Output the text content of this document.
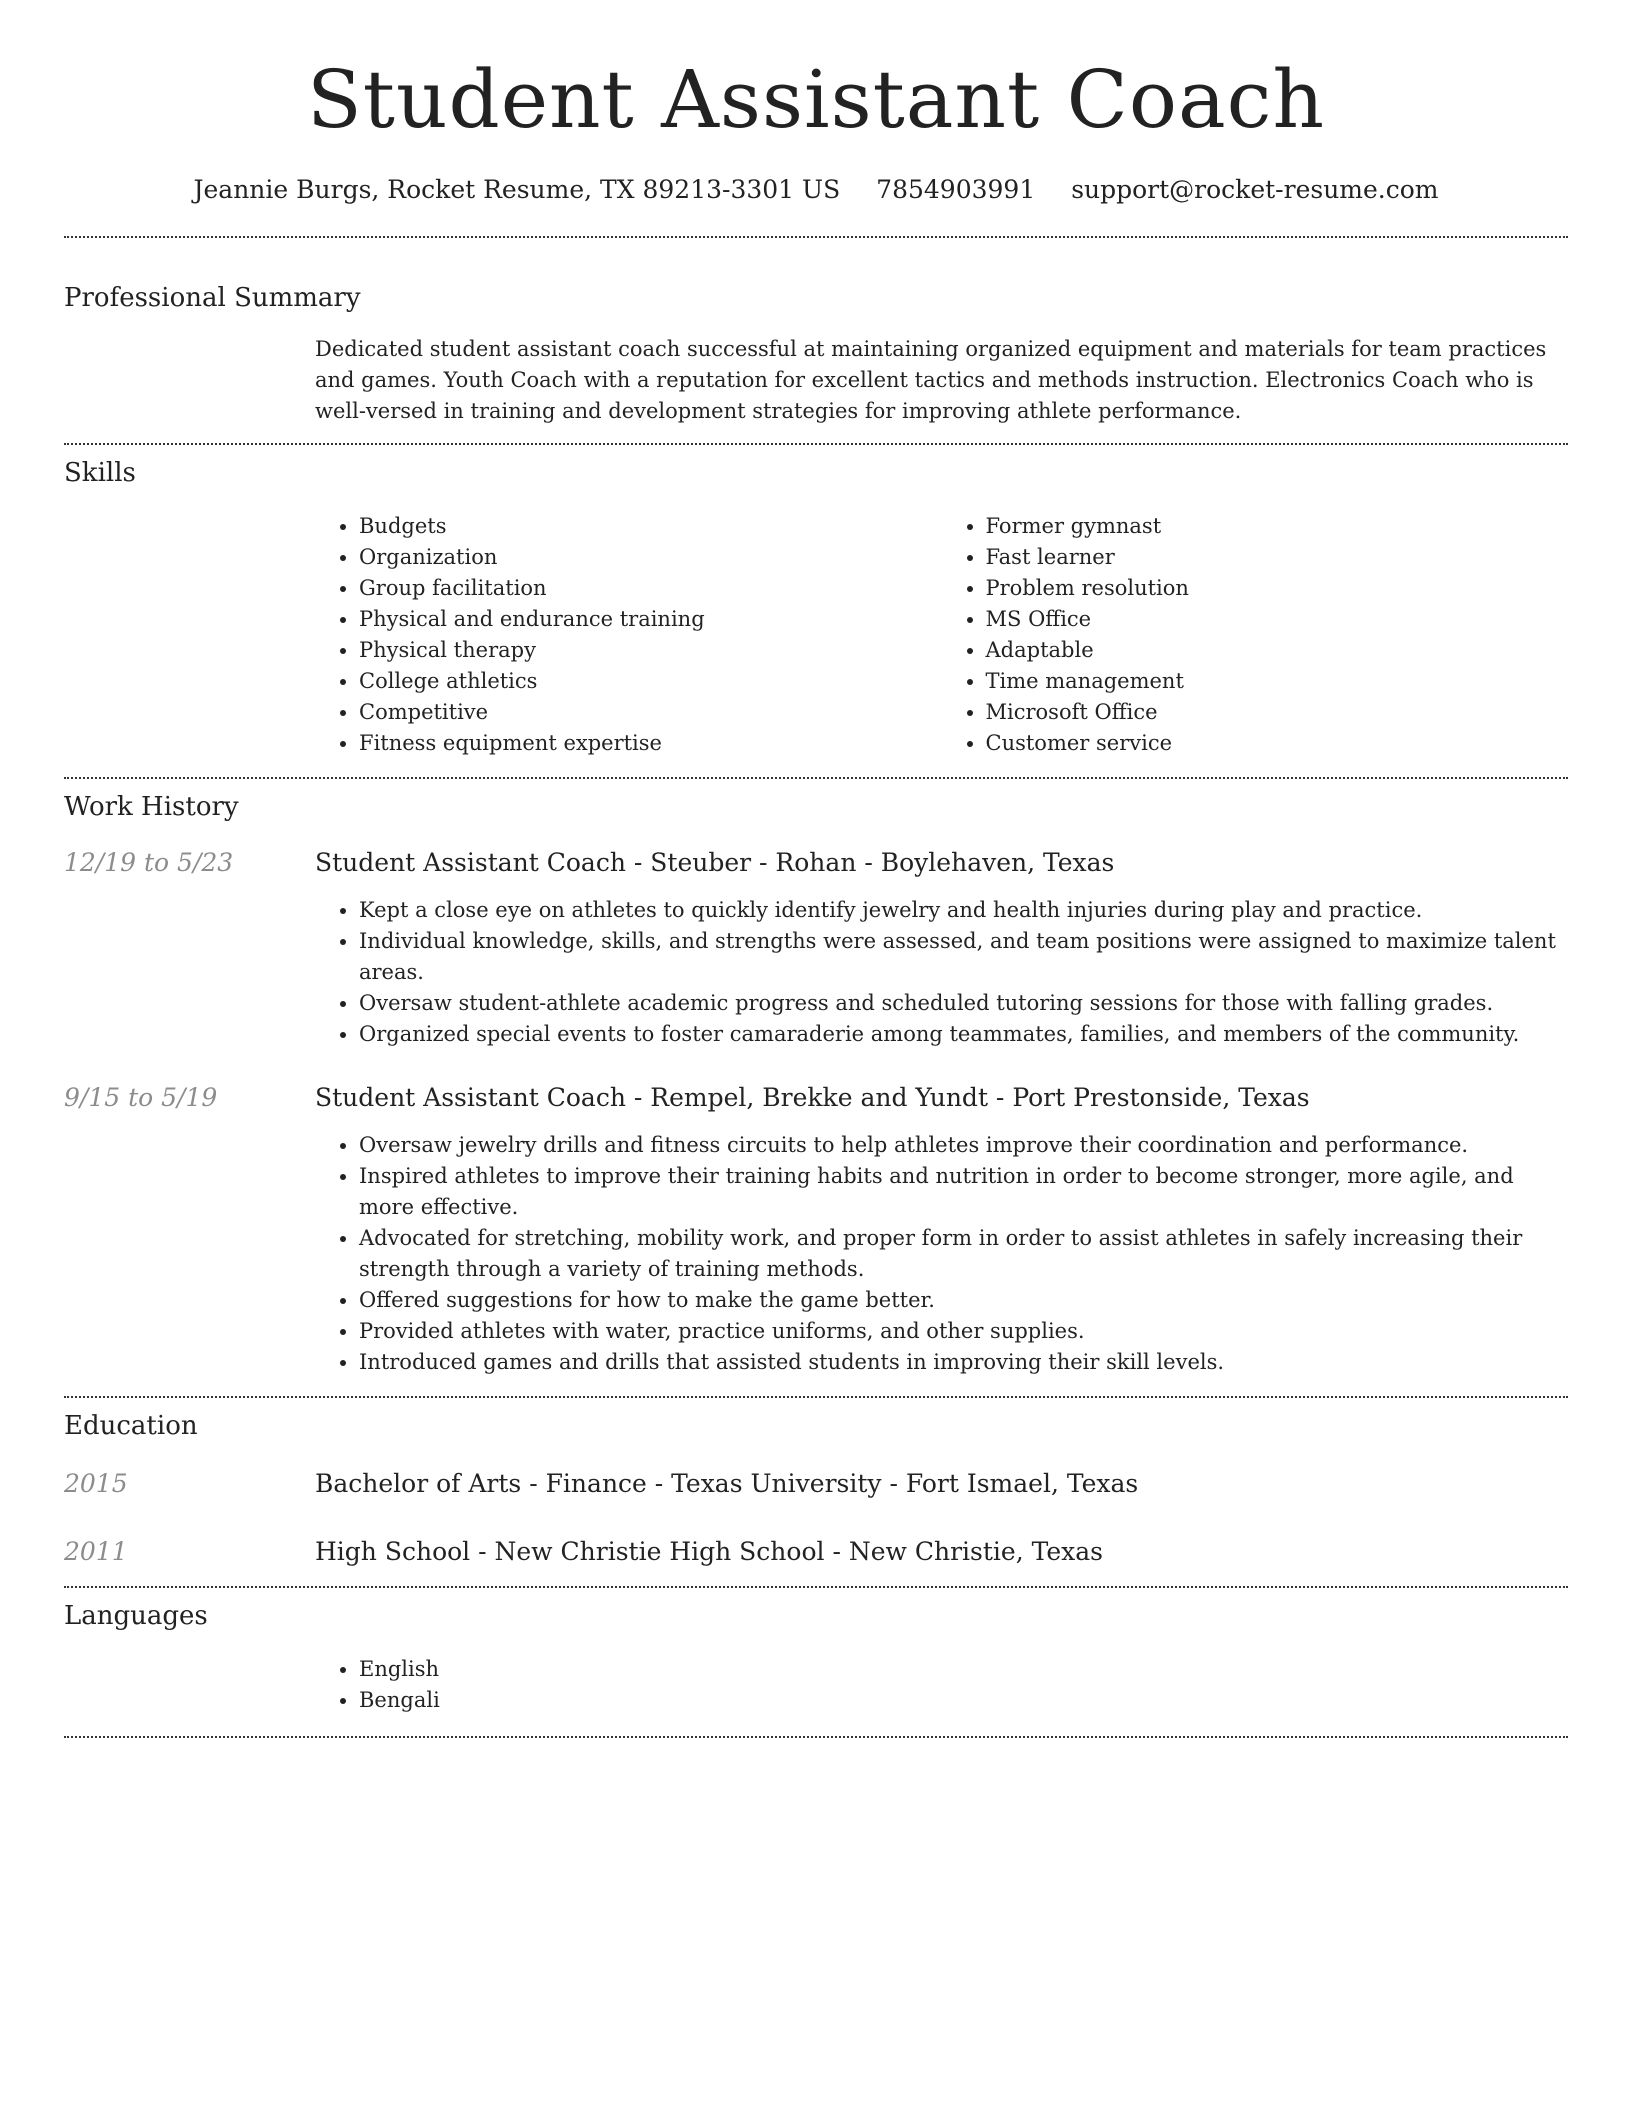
Student Assistant Coach
Jeannie Burgs, Rocket Resume, TX 89213-3301 US 7854903991 support@rocket-resume.com
Professional Summary

Dedicated student assistant coach successful at maintaining organized equipment and materials for team practices and games. Youth Coach with a reputation for excellent tactics and methods instruction. Electronics Coach who is well-versed in training and development strategies for improving athlete performance.

Skills
• Budgets
• Organization
• Group facilitation
• Physical and endurance training
• Physical therapy
• College athletics
• Competitive
• Fitness equipment expertise
• Former gymnast
• Fast learner
• Problem resolution
• MS Office
• Adaptable
• Time management
• Microsoft Office
• Customer service
Work History
12/19 to 5/23	Student Assistant Coach - Steuber - Rohan - Boylehaven, Texas
• Kept a close eye on athletes to quickly identify jewelry and health injuries during play and practice.
• Individual knowledge, skills, and strengths were assessed, and team positions were assigned to maximize talent areas.
• Oversaw student-athlete academic progress and scheduled tutoring sessions for those with falling grades.
• Organized special events to foster camaraderie among teammates, families, and members of the community.
9/15 to 5/19	Student Assistant Coach - Rempel, Brekke and Yundt - Port Prestonside, Texas
• Oversaw jewelry drills and fitness circuits to help athletes improve their coordination and performance.
• Inspired athletes to improve their training habits and nutrition in order to become stronger, more agile, and more effective.
• Advocated for stretching, mobility work, and proper form in order to assist athletes in safely increasing their strength through a variety of training methods.
• Offered suggestions for how to make the game better.
• Provided athletes with water, practice uniforms, and other supplies.
• Introduced games and drills that assisted students in improving their skill levels.
Education
2015	Bachelor of Arts - Finance - Texas University - Fort Ismael, Texas
2011	High School - New Christie High School - New Christie, Texas
Languages
• English
• Bengali
